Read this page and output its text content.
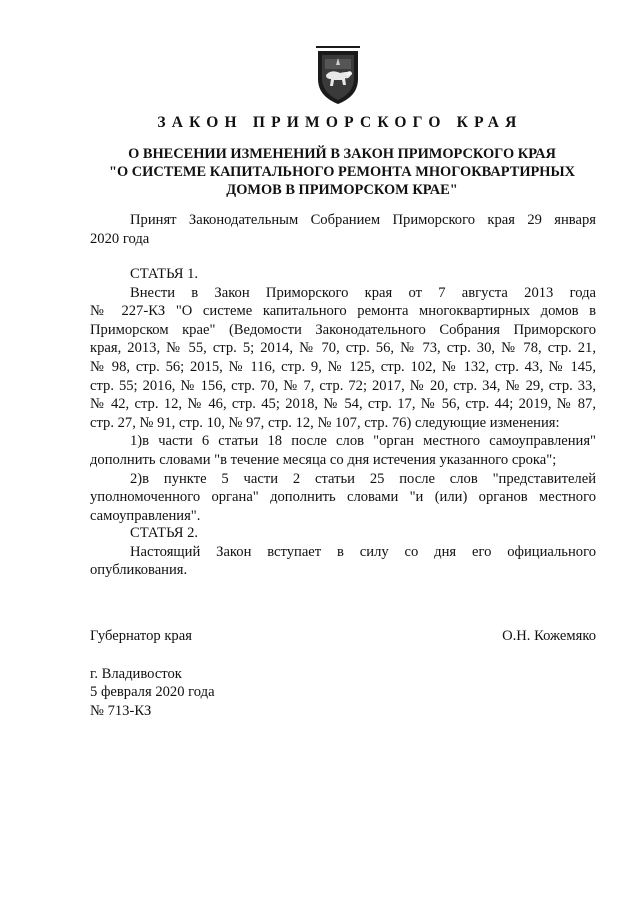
ЗАКОН ПРИМОРСКОГО КРАЯ
О ВНЕСЕНИИ ИЗМЕНЕНИЙ В ЗАКОН ПРИМОРСКОГО КРАЯ
"О СИСТЕМЕ КАПИТАЛЬНОГО РЕМОНТА МНОГОКВАРТИРНЫХ
ДОМОВ В ПРИМОРСКОМ КРАЕ"
Принят Законодательным Собранием Приморского края 29 января
2020 года
СТАТЬЯ 1.
Внести в Закон Приморского края от 7 августа 2013 года
№ 227-КЗ "О системе капитального ремонта многоквартирных домов в
Приморском крае" (Ведомости Законодательного Собрания Приморского
края, 2013, № 55, стр. 5; 2014, № 70, стр. 56, № 73, стр. 30, № 78, стр. 21,
№ 98, стр. 56; 2015, № 116, стр. 9, № 125, стр. 102, № 132, стр. 43, № 145,
стр. 55; 2016, № 156, стр. 70, № 7, стр. 72; 2017, № 20, стр. 34, № 29, стр. 33,
№ 42, стр. 12, № 46, стр. 45; 2018, № 54, стр. 17, № 56, стр. 44; 2019, № 87,
стр. 27, № 91, стр. 10, № 97, стр. 12, № 107, стр. 76) следующие изменения:
1)в части 6 статьи 18 после слов "орган местного самоуправления"
дополнить словами "в течение месяца со дня истечения указанного срока";
2)в пункте 5 части 2 статьи 25 после слов "представителей
уполномоченного органа" дополнить словами "и (или) органов местного
самоуправления".
СТАТЬЯ 2.
Настоящий Закон вступает в силу со дня его официального
опубликования.
Губернатор края	О.Н. Кожемяко
г. Владивосток
5 февраля 2020 года
№ 713-КЗ
